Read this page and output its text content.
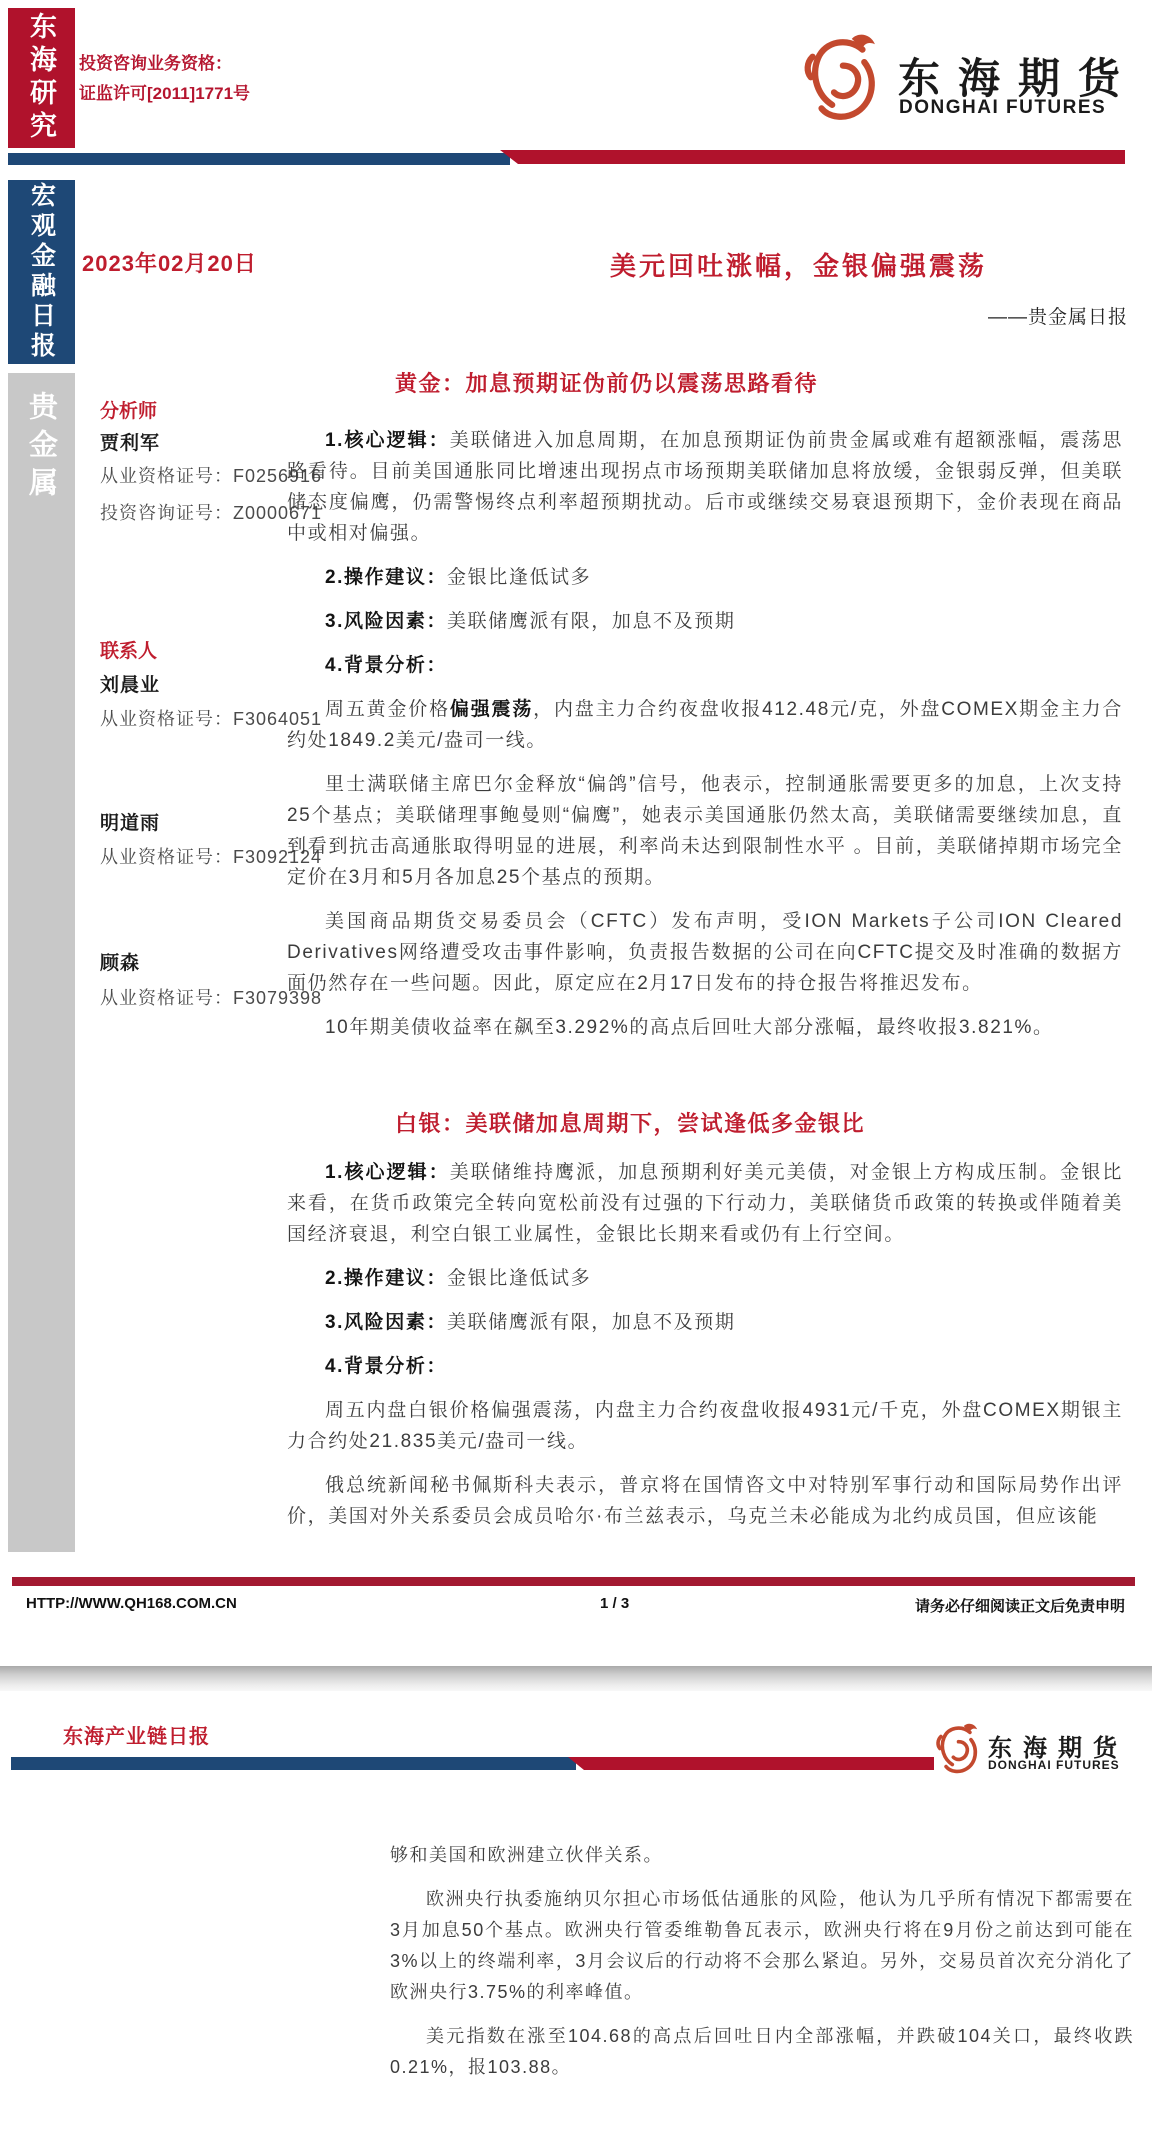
东海研究	投资咨询业务资格：
证监许可[2011]1771号	东海期货
DONGHAI FUTURES
宏观金融日报
贵金属
2023年02月20日	美元回吐涨幅，金银偏强震荡
——贵金属日报
分析师
贾利军
从业资格证号：F0256916
投资咨询证号：Z0000671
联系人
刘晨业
从业资格证号：F3064051
明道雨
从业资格证号：F3092124
顾森
从业资格证号：F3079398
黄金：加息预期证伪前仍以震荡思路看待

1.核心逻辑：美联储进入加息周期，在加息预期证伪前贵金属或难有超额涨幅，震荡思路看待。目前美国通胀同比增速出现拐点市场预期美联储加息将放缓，金银弱反弹，但美联储态度偏鹰，仍需警惕终点利率超预期扰动。后市或继续交易衰退预期下，金价表现在商品中或相对偏强。

2.操作建议：金银比逢低试多

3.风险因素：美联储鹰派有限，加息不及预期

4.背景分析：

周五黄金价格偏强震荡，内盘主力合约夜盘收报412.48元/克，外盘COMEX期金主力合约处1849.2美元/盎司一线。

里士满联储主席巴尔金释放“偏鸽”信号，他表示，控制通胀需要更多的加息，上次支持25个基点；美联储理事鲍曼则“偏鹰”，她表示美国通胀仍然太高，美联储需要继续加息，直到看到抗击高通胀取得明显的进展，利率尚未达到限制性水平 。目前，美联储掉期市场完全定价在3月和5月各加息25个基点的预期。

美国商品期货交易委员会（CFTC）发布声明，受ION Markets子公司ION Cleared Derivatives网络遭受攻击事件影响，负责报告数据的公司在向CFTC提交及时准确的数据方面仍然存在一些问题。因此，原定应在2月17日发布的持仓报告将推迟发布。

10年期美债收益率在飙至3.292%的高点后回吐大部分涨幅，最终收报3.821%。

白银：美联储加息周期下，尝试逢低多金银比

1.核心逻辑：美联储维持鹰派，加息预期利好美元美债，对金银上方构成压制。金银比来看，在货币政策完全转向宽松前没有过强的下行动力，美联储货币政策的转换或伴随着美国经济衰退，利空白银工业属性，金银比长期来看或仍有上行空间。

2.操作建议：金银比逢低试多

3.风险因素：美联储鹰派有限，加息不及预期

4.背景分析：

周五内盘白银价格偏强震荡，内盘主力合约夜盘收报4931元/千克，外盘COMEX期银主力合约处21.835美元/盎司一线。

俄总统新闻秘书佩斯科夫表示，普京将在国情咨文中对特别军事行动和国际局势作出评价，美国对外关系委员会成员哈尔·布兰兹表示，乌克兰未必能成为北约成员国，但应该能

HTTP://WWW.QH168.COM.CN	1 / 3	请务必仔细阅读正文后免责申明
东海产业链日报	东海期货
DONGHAI FUTURES

够和美国和欧洲建立伙伴关系。

欧洲央行执委施纳贝尔担心市场低估通胀的风险，他认为几乎所有情况下都需要在3月加息50个基点。欧洲央行管委维勒鲁瓦表示，欧洲央行将在9月份之前达到可能在3%以上的终端利率，3月会议后的行动将不会那么紧迫。另外，交易员首次充分消化了欧洲央行3.75%的利率峰值。

美元指数在涨至104.68的高点后回吐日内全部涨幅，并跌破104关口，最终收跌0.21%，报103.88。
